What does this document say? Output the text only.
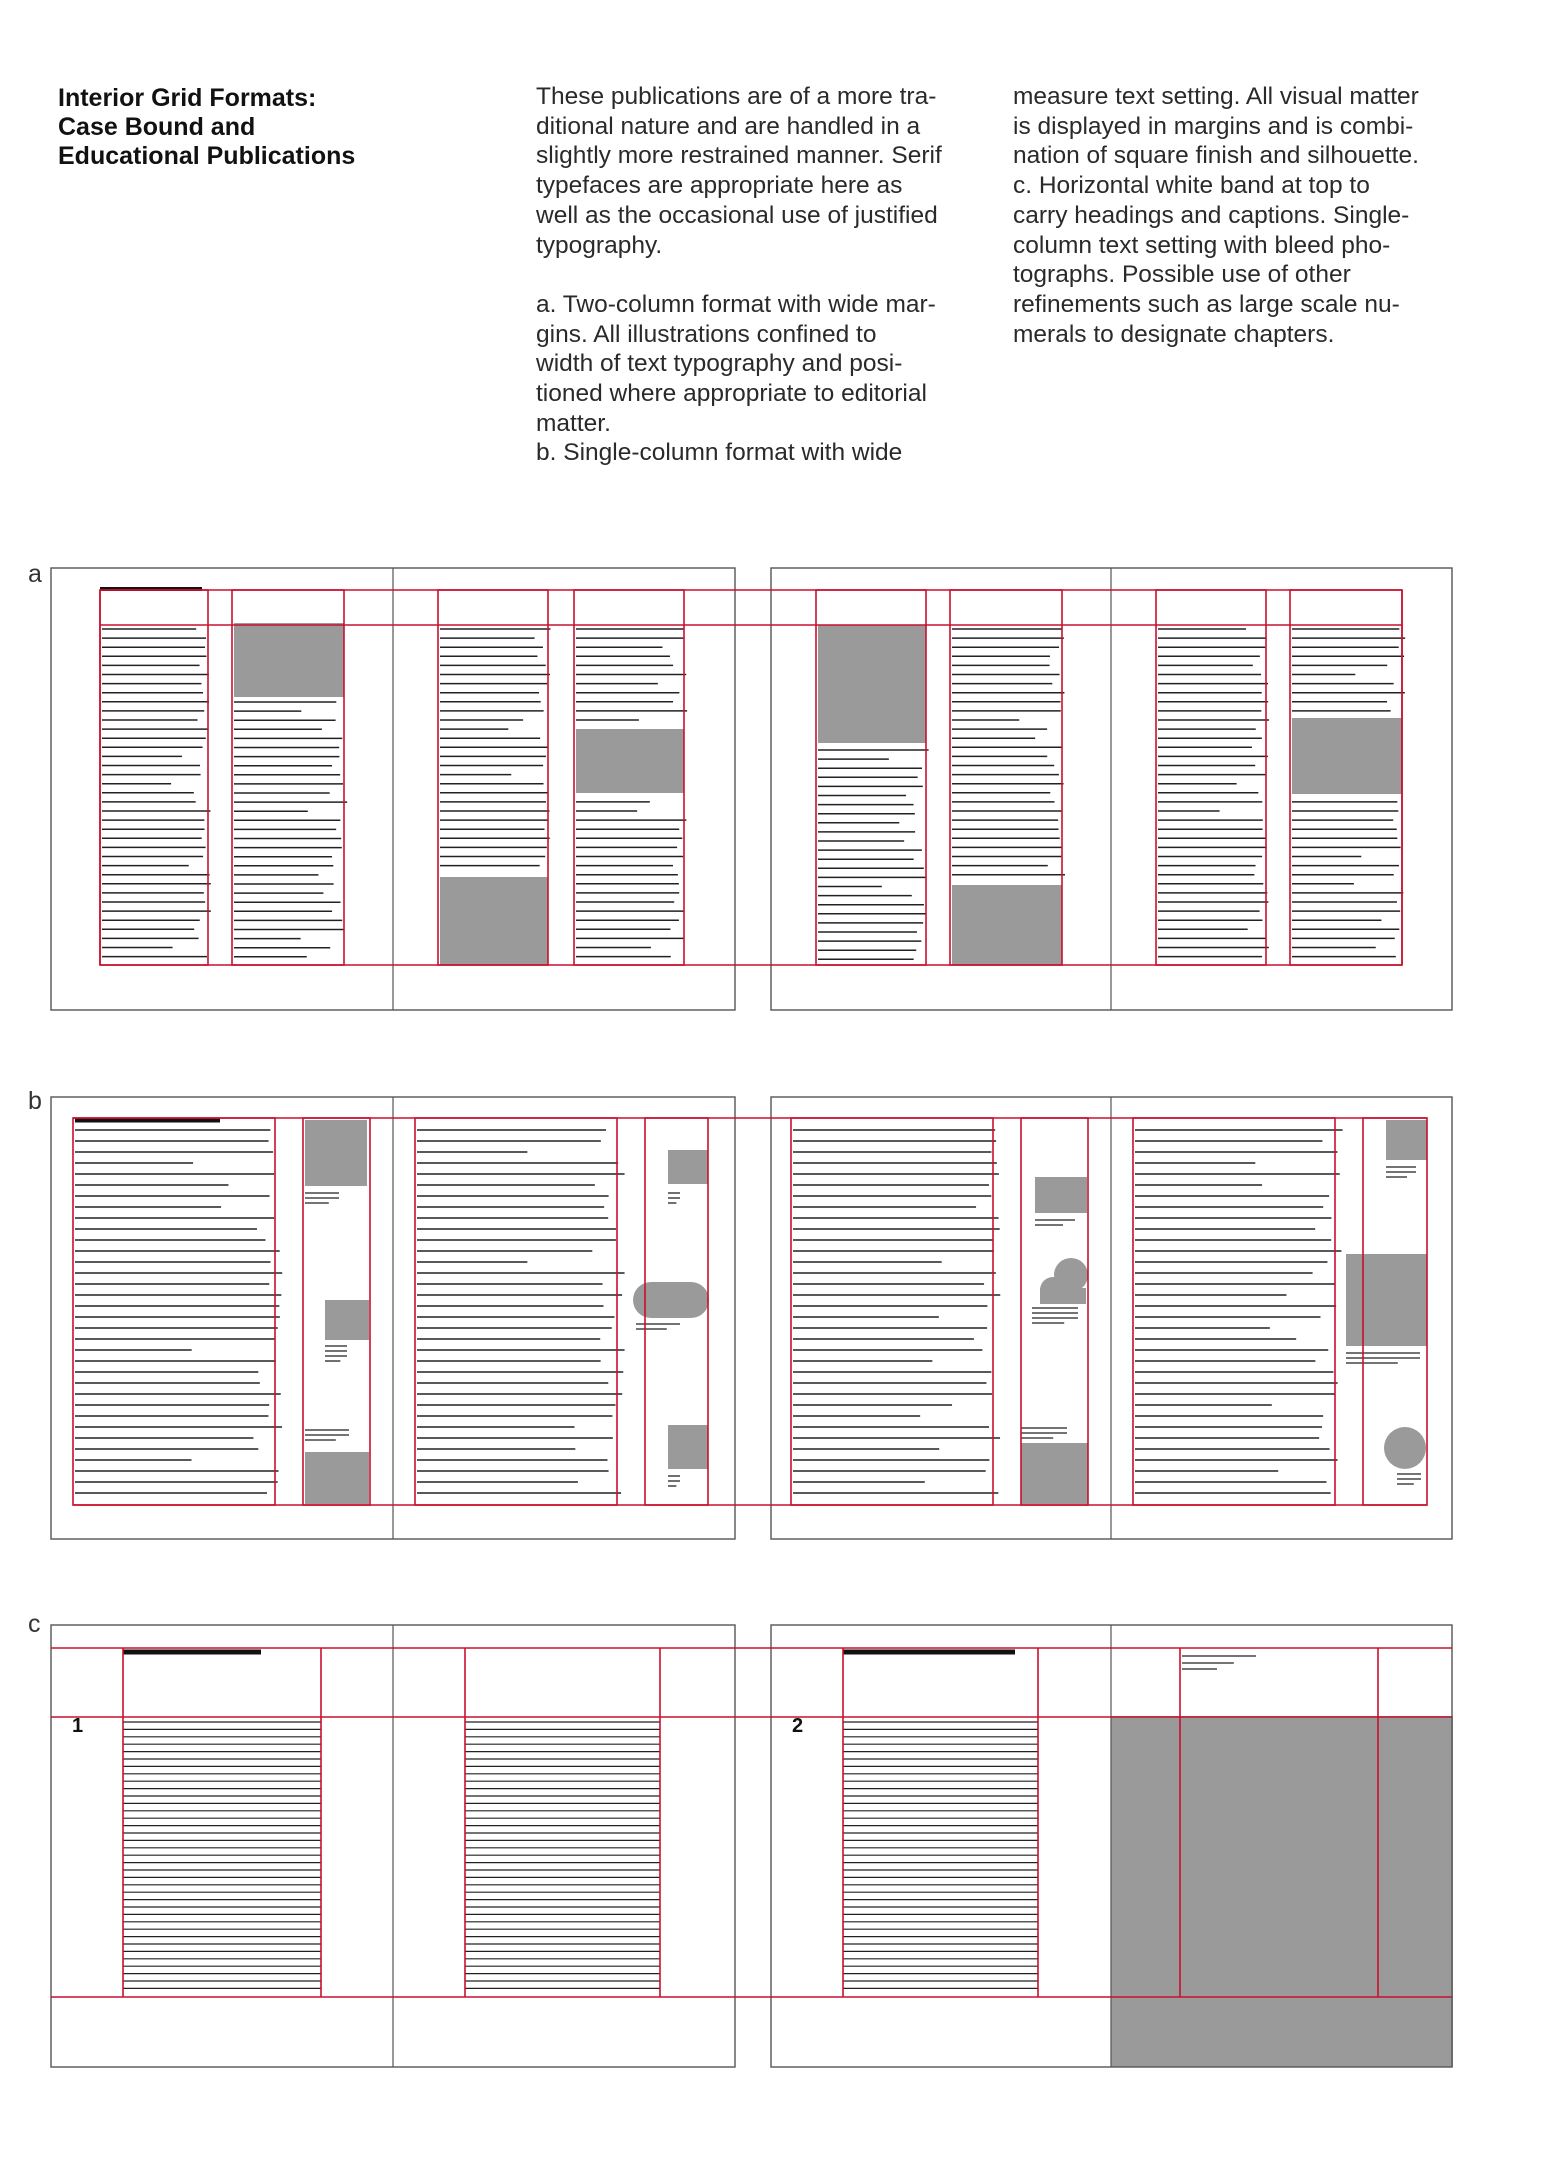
Interior Grid Formats:
Case Bound and
Educational Publications
These publications are of a more tra-
ditional nature and are handled in a
slightly more restrained manner. Serif
typefaces are appropriate here as
well as the occasional use of justified
typography.
a. Two-column format with wide mar-
gins. All illustrations confined to
width of text typography and posi-
tioned where appropriate to editorial
matter.
b. Single-column format with wide
measure text setting. All visual matter
is displayed in margins and is combi-
nation of square finish and silhouette.
c. Horizontal white band at top to
carry headings and captions. Single-
column text setting with bleed pho-
tographs. Possible use of other
refinements such as large scale nu-
merals to designate chapters.
a
b
c
1	2
